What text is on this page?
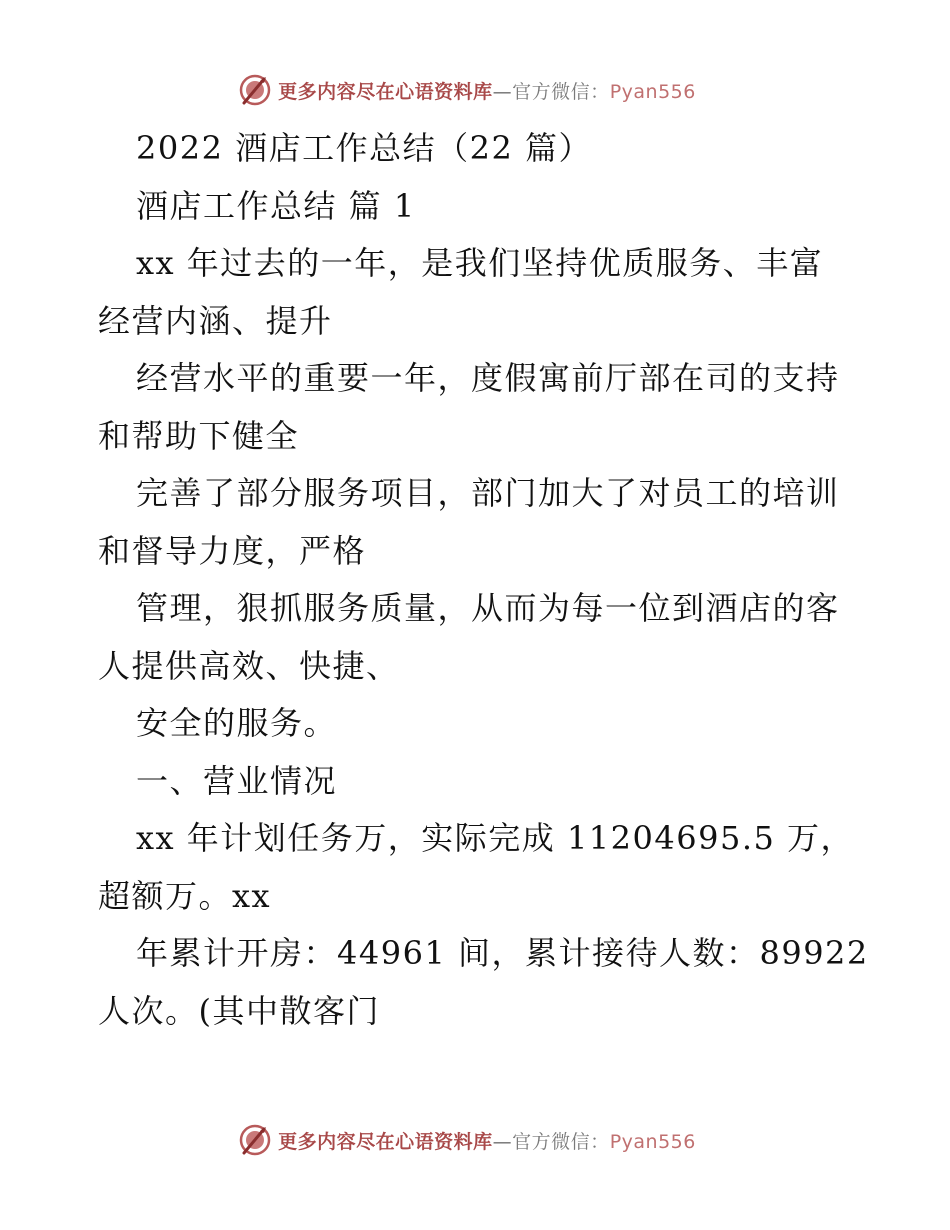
更多内容尽在心语资料库—官方微信：Pyan556
2022 酒店工作总结（22 篇）
酒店工作总结 篇 1
xx 年过去的一年，是我们坚持优质服务、丰富
经营内涵、提升
经营水平的重要一年，度假寓前厅部在司的支持
和帮助下健全
完善了部分服务项目，部门加大了对员工的培训
和督导力度，严格
管理，狠抓服务质量，从而为每一位到酒店的客
人提供高效、快捷、
安全的服务。
一、营业情况
xx 年计划任务万，实际完成 11204695.5 万，
超额万。xx
年累计开房：44961 间，累计接待人数：89922
人次。(其中散客门
更多内容尽在心语资料库—官方微信：Pyan556
